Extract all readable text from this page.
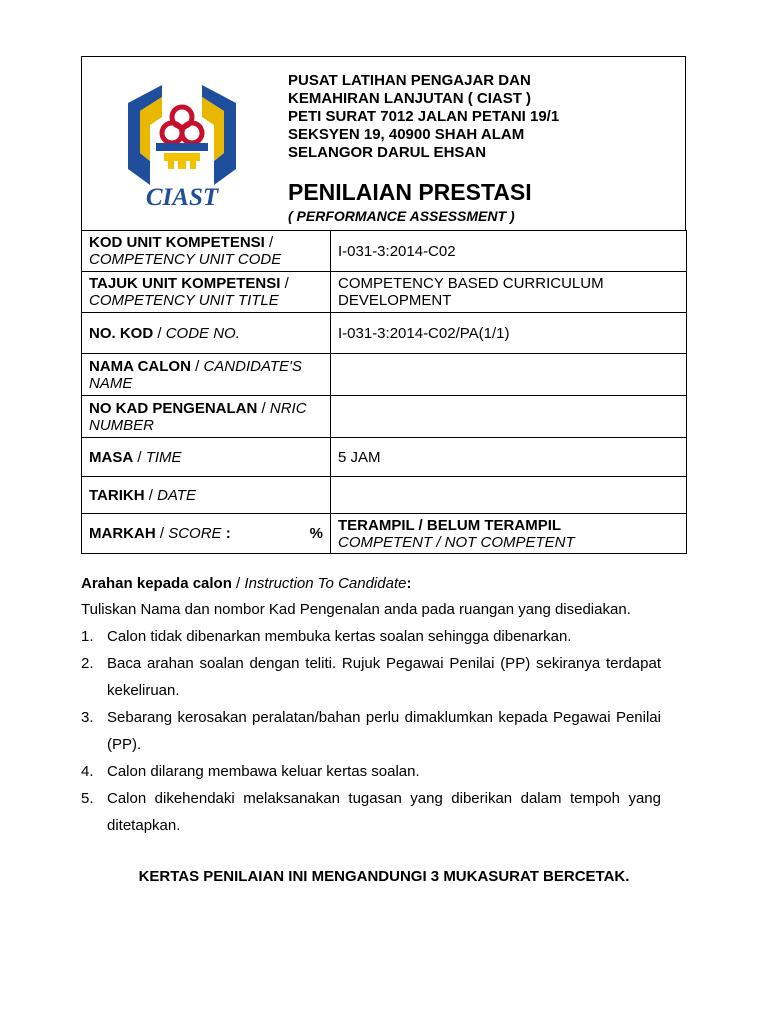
CIAST
PUSAT LATIHAN PENGAJAR DAN
KEMAHIRAN LANJUTAN ( CIAST )
PETI SURAT 7012 JALAN PETANI 19/1
SEKSYEN 19, 40900 SHAH ALAM
SELANGOR DARUL EHSAN
PENILAIAN PRESTASI
( PERFORMANCE ASSESSMENT )
KOD UNIT KOMPETENSI /
COMPETENCY UNIT CODE	I-031-3:2014-C02
TAJUK UNIT KOMPETENSI /
COMPETENCY UNIT TITLE	COMPETENCY BASED CURRICULUM DEVELOPMENT
NO. KOD / CODE NO.	I-031-3:2014-C02/PA(1/1)
NAMA CALON / CANDIDATE'S NAME	
NO KAD PENGENALAN / NRIC NUMBER	
MASA / TIME	5 JAM
TARIKH / DATE	

MARKAH / SCORE : %	TERAMPIL / BELUM TERAMPIL
COMPETENT / NOT COMPETENT

Arahan kepada calon / Instruction To Candidate:

Tuliskan Nama dan nombor Kad Pengenalan anda pada ruangan yang disediakan.

1. Calon tidak dibenarkan membuka kertas soalan sehingga dibenarkan.
2. Baca arahan soalan dengan teliti. Rujuk Pegawai Penilai (PP) sekiranya terdapat kekeliruan.
3. Sebarang kerosakan peralatan/bahan perlu dimaklumkan kepada Pegawai Penilai (PP).
4. Calon dilarang membawa keluar kertas soalan.
5. Calon dikehendaki melaksanakan tugasan yang diberikan dalam tempoh yang ditetapkan.
KERTAS PENILAIAN INI MENGANDUNGI 3 MUKASURAT BERCETAK.
